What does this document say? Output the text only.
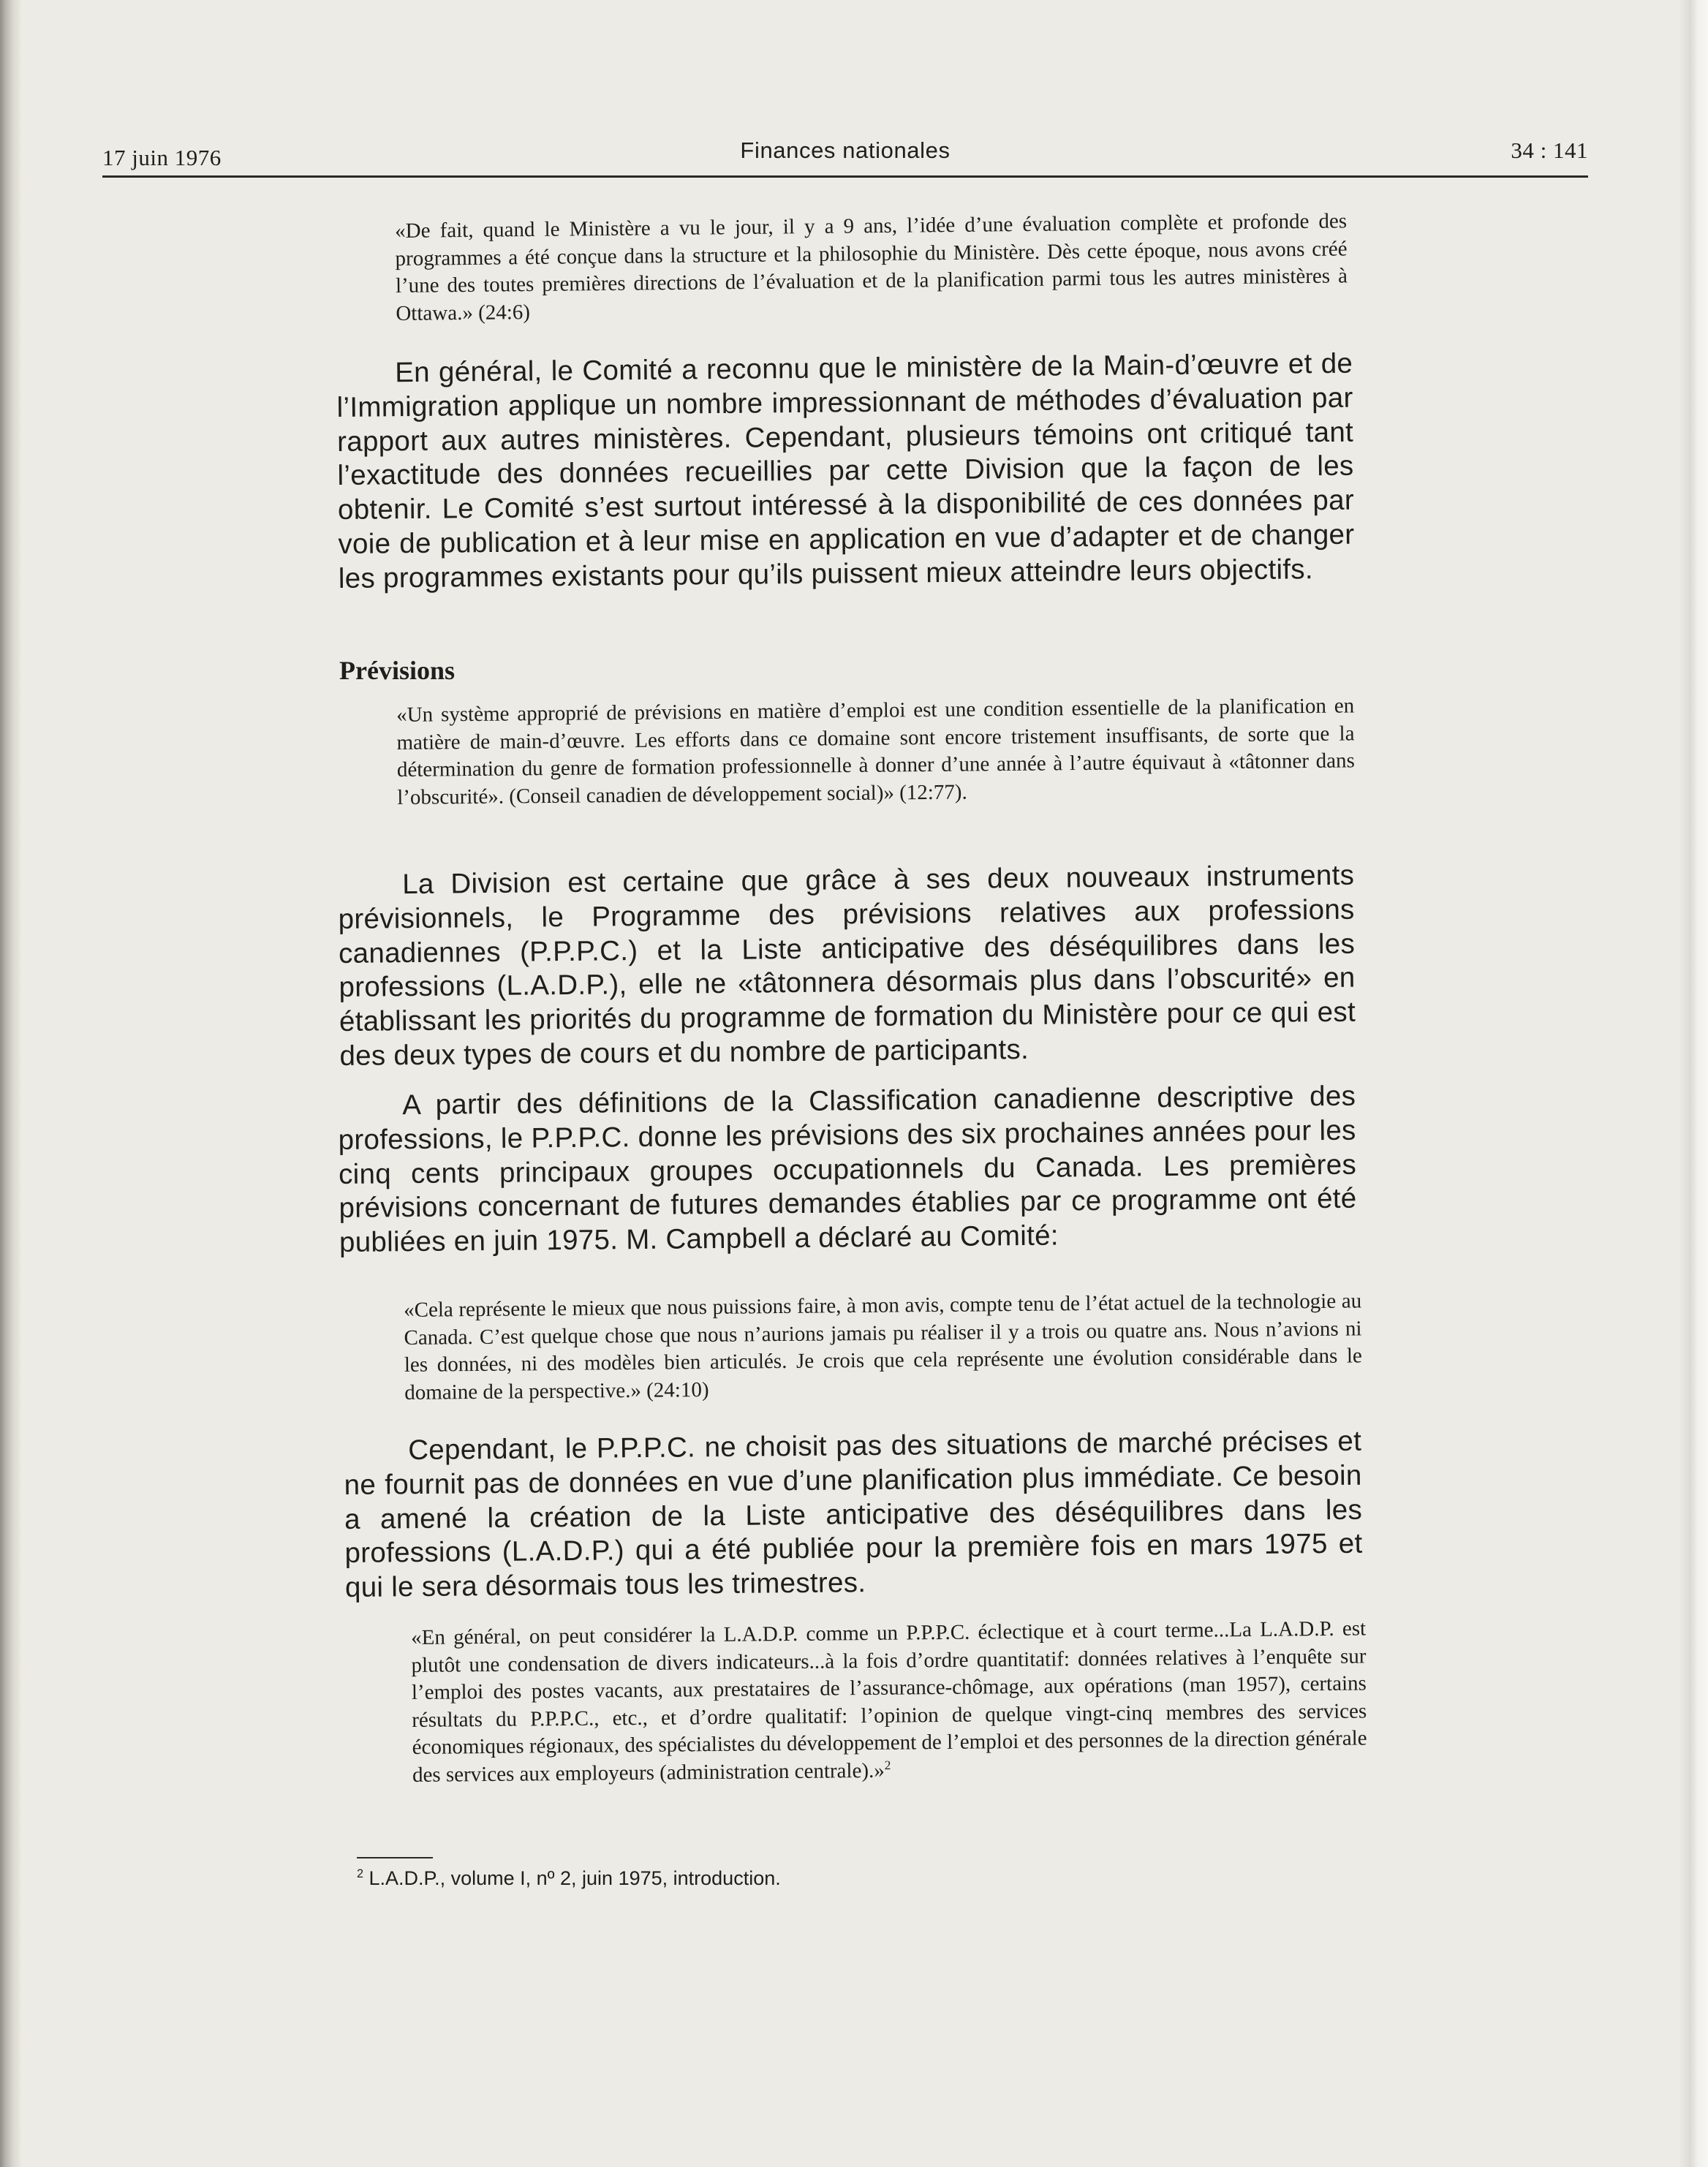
17 juin 1976	Finances nationales	34 : 141
«De fait, quand le Ministère a vu le jour, il y a 9 ans, l’idée d’une évaluation complète et profonde des programmes a été conçue dans la structure et la philosophie du Ministère. Dès cette époque, nous avons créé l’une des toutes premières directions de l’évaluation et de la planification parmi tous les autres ministères à Ottawa.» (24:6)
En général, le Comité a reconnu que le ministère de la Main-d’œuvre et de l’Immigration applique un nombre impressionnant de méthodes d’évaluation par rapport aux autres ministères. Cependant, plusieurs témoins ont critiqué tant l’exactitude des données recueillies par cette Division que la façon de les obtenir. Le Comité s’est surtout intéressé à la disponibilité de ces données par voie de publication et à leur mise en application en vue d’adapter et de changer les programmes existants pour qu’ils puissent mieux atteindre leurs objectifs.
Prévisions
«Un système approprié de prévisions en matière d’emploi est une condition essentielle de la planification en matière de main-d’œuvre. Les efforts dans ce domaine sont encore tristement insuffisants, de sorte que la détermination du genre de formation professionnelle à donner d’une année à l’autre équivaut à «tâtonner dans l’obscurité». (Conseil canadien de développement social)» (12:77).
La Division est certaine que grâce à ses deux nouveaux instruments prévisionnels, le Programme des prévisions relatives aux professions canadiennes (P.P.P.C.) et la Liste anticipative des déséquilibres dans les professions (L.A.D.P.), elle ne «tâtonnera désormais plus dans l’obscurité» en établissant les priorités du programme de formation du Ministère pour ce qui est des deux types de cours et du nombre de participants.
A partir des définitions de la Classification canadienne descriptive des professions, le P.P.P.C. donne les prévisions des six prochaines années pour les cinq cents principaux groupes occupationnels du Canada. Les premières prévisions concernant de futures demandes établies par ce programme ont été publiées en juin 1975. M. Campbell a déclaré au Comité:
«Cela représente le mieux que nous puissions faire, à mon avis, compte tenu de l’état actuel de la technologie au Canada. C’est quelque chose que nous n’aurions jamais pu réaliser il y a trois ou quatre ans. Nous n’avions ni les données, ni des modèles bien articulés. Je crois que cela représente une évolution considérable dans le domaine de la perspective.» (24:10)
Cependant, le P.P.P.C. ne choisit pas des situations de marché précises et ne fournit pas de données en vue d’une planification plus immédiate. Ce besoin a amené la création de la Liste anticipative des déséquilibres dans les professions (L.A.D.P.) qui a été publiée pour la première fois en mars 1975 et qui le sera désormais tous les trimestres.
«En général, on peut considérer la L.A.D.P. comme un P.P.P.C. éclectique et à court terme...La L.A.D.P. est plutôt une condensation de divers indicateurs...à la fois d’ordre quantitatif: données relatives à l’enquête sur l’emploi des postes vacants, aux prestataires de l’assurance-chômage, aux opérations (man 1957), certains résultats du P.P.P.C., etc., et d’ordre qualitatif: l’opinion de quelque vingt-cinq membres des services économiques régionaux, des spécialistes du développement de l’emploi et des personnes de la direction générale des services aux employeurs (administration centrale).»$^2$
$^2$ L.A.D.P., volume I, nº 2, juin 1975, introduction.
